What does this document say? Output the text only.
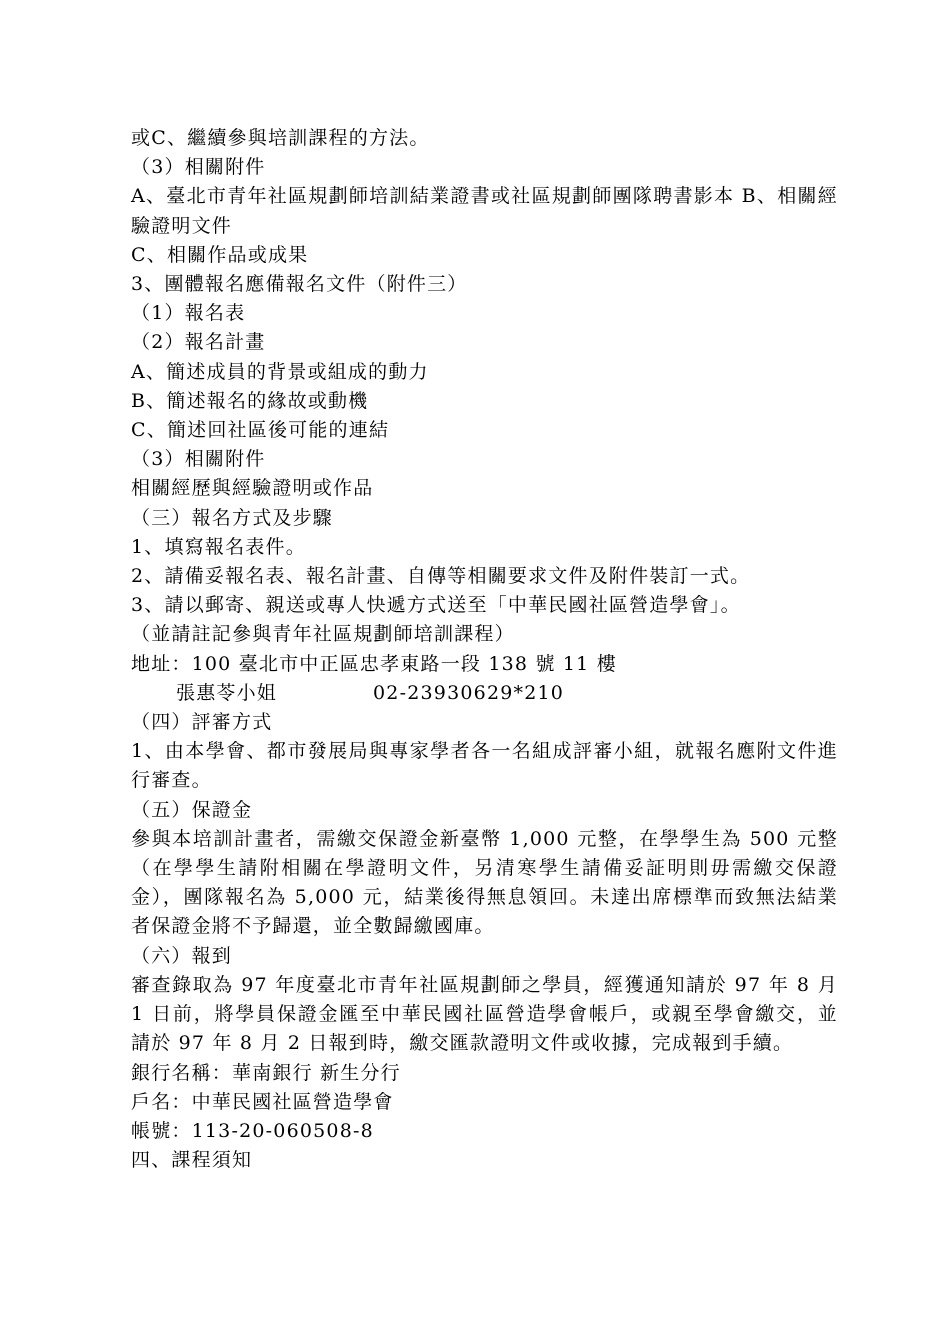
或C、繼續參與培訓課程的方法。
（3）相關附件

A、臺北市青年社區規劃師培訓結業證書或社區規劃師團隊聘書影本 B、相關經驗證明文件

C、相關作品或成果
3、團體報名應備報名文件（附件三）
（1）報名表
（2）報名計畫
A、簡述成員的背景或組成的動力
B、簡述報名的緣故或動機
C、簡述回社區後可能的連結
（3）相關附件
相關經歷與經驗證明或作品
（三）報名方式及步驟
1、填寫報名表件。
2、請備妥報名表、報名計畫、自傳等相關要求文件及附件裝訂一式。
3、請以郵寄、親送或專人快遞方式送至「中華民國社區營造學會」。
（並請註記參與青年社區規劃師培訓課程）
地址：100 臺北市中正區忠孝東路一段 138 號 11 樓
張惠苓小姐	02-23930629*210
（四）評審方式

1、由本學會、都市發展局與專家學者各一名組成評審小組，就報名應附文件進行審查。

（五）保證金

參與本培訓計畫者，需繳交保證金新臺幣 1,000 元整，在學學生為 500 元整（在學學生請附相關在學證明文件，另清寒學生請備妥証明則毋需繳交保證金），團隊報名為 5,000 元，結業後得無息領回。未達出席標準而致無法結業者保證金將不予歸還，並全數歸繳國庫。

（六）報到

審查錄取為 97 年度臺北市青年社區規劃師之學員，經獲通知請於 97 年 8 月 1 日前，將學員保證金匯至中華民國社區營造學會帳戶，或親至學會繳交，並請於 97 年 8 月 2 日報到時，繳交匯款證明文件或收據，完成報到手續。

銀行名稱：華南銀行 新生分行
戶名：中華民國社區營造學會
帳號：113-20-060508-8
四、課程須知
